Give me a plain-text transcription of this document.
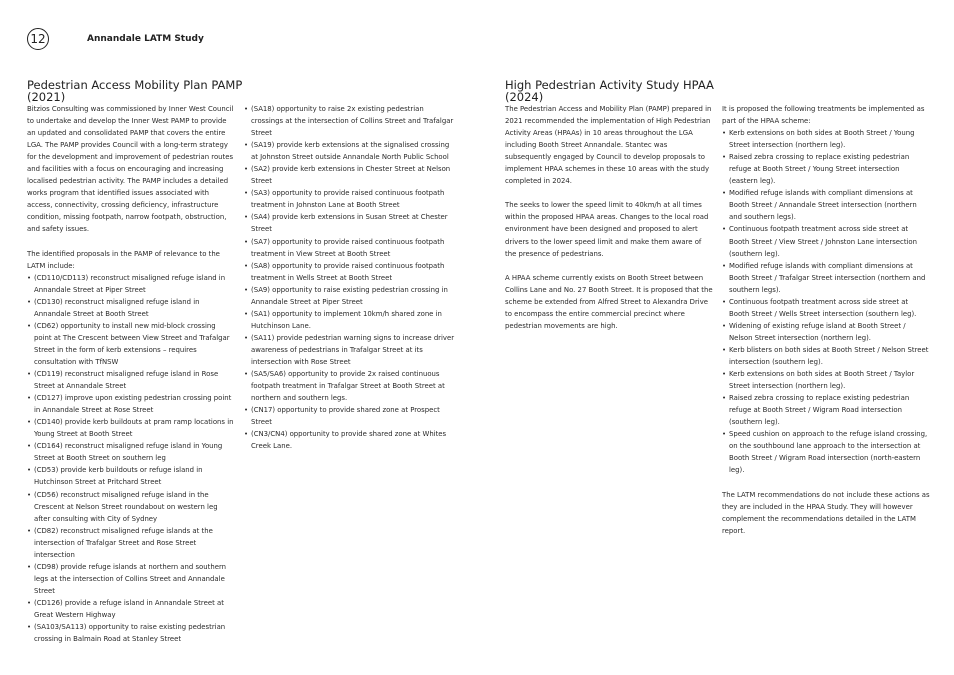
12	Annandale LATM Study
Pedestrian Access Mobility Plan PAMP (2021)

Bitzios Consulting was commissioned by Inner West Council to undertake and develop the Inner West PAMP to provide an updated and consolidated PAMP that covers the entire LGA. The PAMP provides Council with a long-term strategy for the development and improvement of pedestrian routes and facilities with a focus on encouraging and increasing localised pedestrian activity. The PAMP includes a detailed works program that identified issues associated with access, connectivity, crossing deficiency, infrastructure condition, missing footpath, narrow footpath, obstruction, and safety issues.

The identified proposals in the PAMP of relevance to the LATM include:

• (CD110/CD113) reconstruct misaligned refuge island in Annandale Street at Piper Street
• (CD130) reconstruct misaligned refuge island in Annandale Street at Booth Street
• (CD62) opportunity to install new mid-block crossing point at The Crescent between View Street and Trafalgar Street in the form of kerb extensions – requires consultation with TfNSW
• (CD119) reconstruct misaligned refuge island in Rose Street at Annandale Street
• (CD127) improve upon existing pedestrian crossing point in Annandale Street at Rose Street
• (CD140) provide kerb buildouts at pram ramp locations in Young Street at Booth Street
• (CD164) reconstruct misaligned refuge island in Young Street at Booth Street on southern leg
• (CD53) provide kerb buildouts or refuge island in Hutchinson Street at Pritchard Street
• (CD56) reconstruct misaligned refuge island in the Crescent at Nelson Street roundabout on western leg after consulting with City of Sydney
• (CD82) reconstruct misaligned refuge islands at the intersection of Trafalgar Street and Rose Street intersection
• (CD98) provide refuge islands at northern and southern legs at the intersection of Collins Street and Annandale Street
• (CD126) provide a refuge island in Annandale Street at Great Western Highway
• (SA103/SA113) opportunity to raise existing pedestrian crossing in Balmain Road at Stanley Street
• (SA18) opportunity to raise 2x existing pedestrian crossings at the intersection of Collins Street and Trafalgar Street
• (SA19) provide kerb extensions at the signalised crossing at Johnston Street outside Annandale North Public School
• (SA2) provide kerb extensions in Chester Street at Nelson Street
• (SA3) opportunity to provide raised continuous footpath treatment in Johnston Lane at Booth Street
• (SA4) provide kerb extensions in Susan Street at Chester Street
• (SA7) opportunity to provide raised continuous footpath treatment in View Street at Booth Street
• (SA8) opportunity to provide raised continuous footpath treatment in Wells Street at Booth Street
• (SA9) opportunity to raise existing pedestrian crossing in Annandale Street at Piper Street
• (SA1) opportunity to implement 10km/h shared zone in Hutchinson Lane.
• (SA11) provide pedestrian warning signs to increase driver awareness of pedestrians in Trafalgar Street at its intersection with Rose Street
• (SA5/SA6) opportunity to provide 2x raised continuous footpath treatment in Trafalgar Street at Booth Street at northern and southern legs.
• (CN17) opportunity to provide shared zone at Prospect Street
• (CN3/CN4) opportunity to provide shared zone at Whites Creek Lane.
High Pedestrian Activity Study HPAA (2024)

The Pedestrian Access and Mobility Plan (PAMP) prepared in 2021 recommended the implementation of High Pedestrian Activity Areas (HPAAs) in 10 areas throughout the LGA including Booth Street Annandale. Stantec was subsequently engaged by Council to develop proposals to implement HPAA schemes in these 10 areas with the study completed in 2024.

The seeks to lower the speed limit to 40km/h at all times within the proposed HPAA areas. Changes to the local road environment have been designed and proposed to alert drivers to the lower speed limit and make them aware of the presence of pedestrians.

A HPAA scheme currently exists on Booth Street between Collins Lane and No. 27 Booth Street. It is proposed that the scheme be extended from Alfred Street to Alexandra Drive to encompass the entire commercial precinct where pedestrian movements are high.

It is proposed the following treatments be implemented as part of the HPAA scheme:

• Kerb extensions on both sides at Booth Street / Young Street intersection (northern leg).
• Raised zebra crossing to replace existing pedestrian refuge at Booth Street / Young Street intersection (eastern leg).
• Modified refuge islands with compliant dimensions at Booth Street / Annandale Street intersection (northern and southern legs).
• Continuous footpath treatment across side street at Booth Street / View Street / Johnston Lane intersection (southern leg).
• Modified refuge islands with compliant dimensions at Booth Street / Trafalgar Street intersection (northern and southern legs).
• Continuous footpath treatment across side street at Booth Street / Wells Street intersection (southern leg).
• Widening of existing refuge island at Booth Street / Nelson Street intersection (northern leg).
• Kerb blisters on both sides at Booth Street / Nelson Street intersection (southern leg).
• Kerb extensions on both sides at Booth Street / Taylor Street intersection (northern leg).
• Raised zebra crossing to replace existing pedestrian refuge at Booth Street / Wigram Road intersection (southern leg).
• Speed cushion on approach to the refuge island crossing, on the southbound lane approach to the intersection at Booth Street / Wigram Road intersection (north-eastern leg).

The LATM recommendations do not include these actions as they are included in the HPAA Study. They will however complement the recommendations detailed in the LATM report.
